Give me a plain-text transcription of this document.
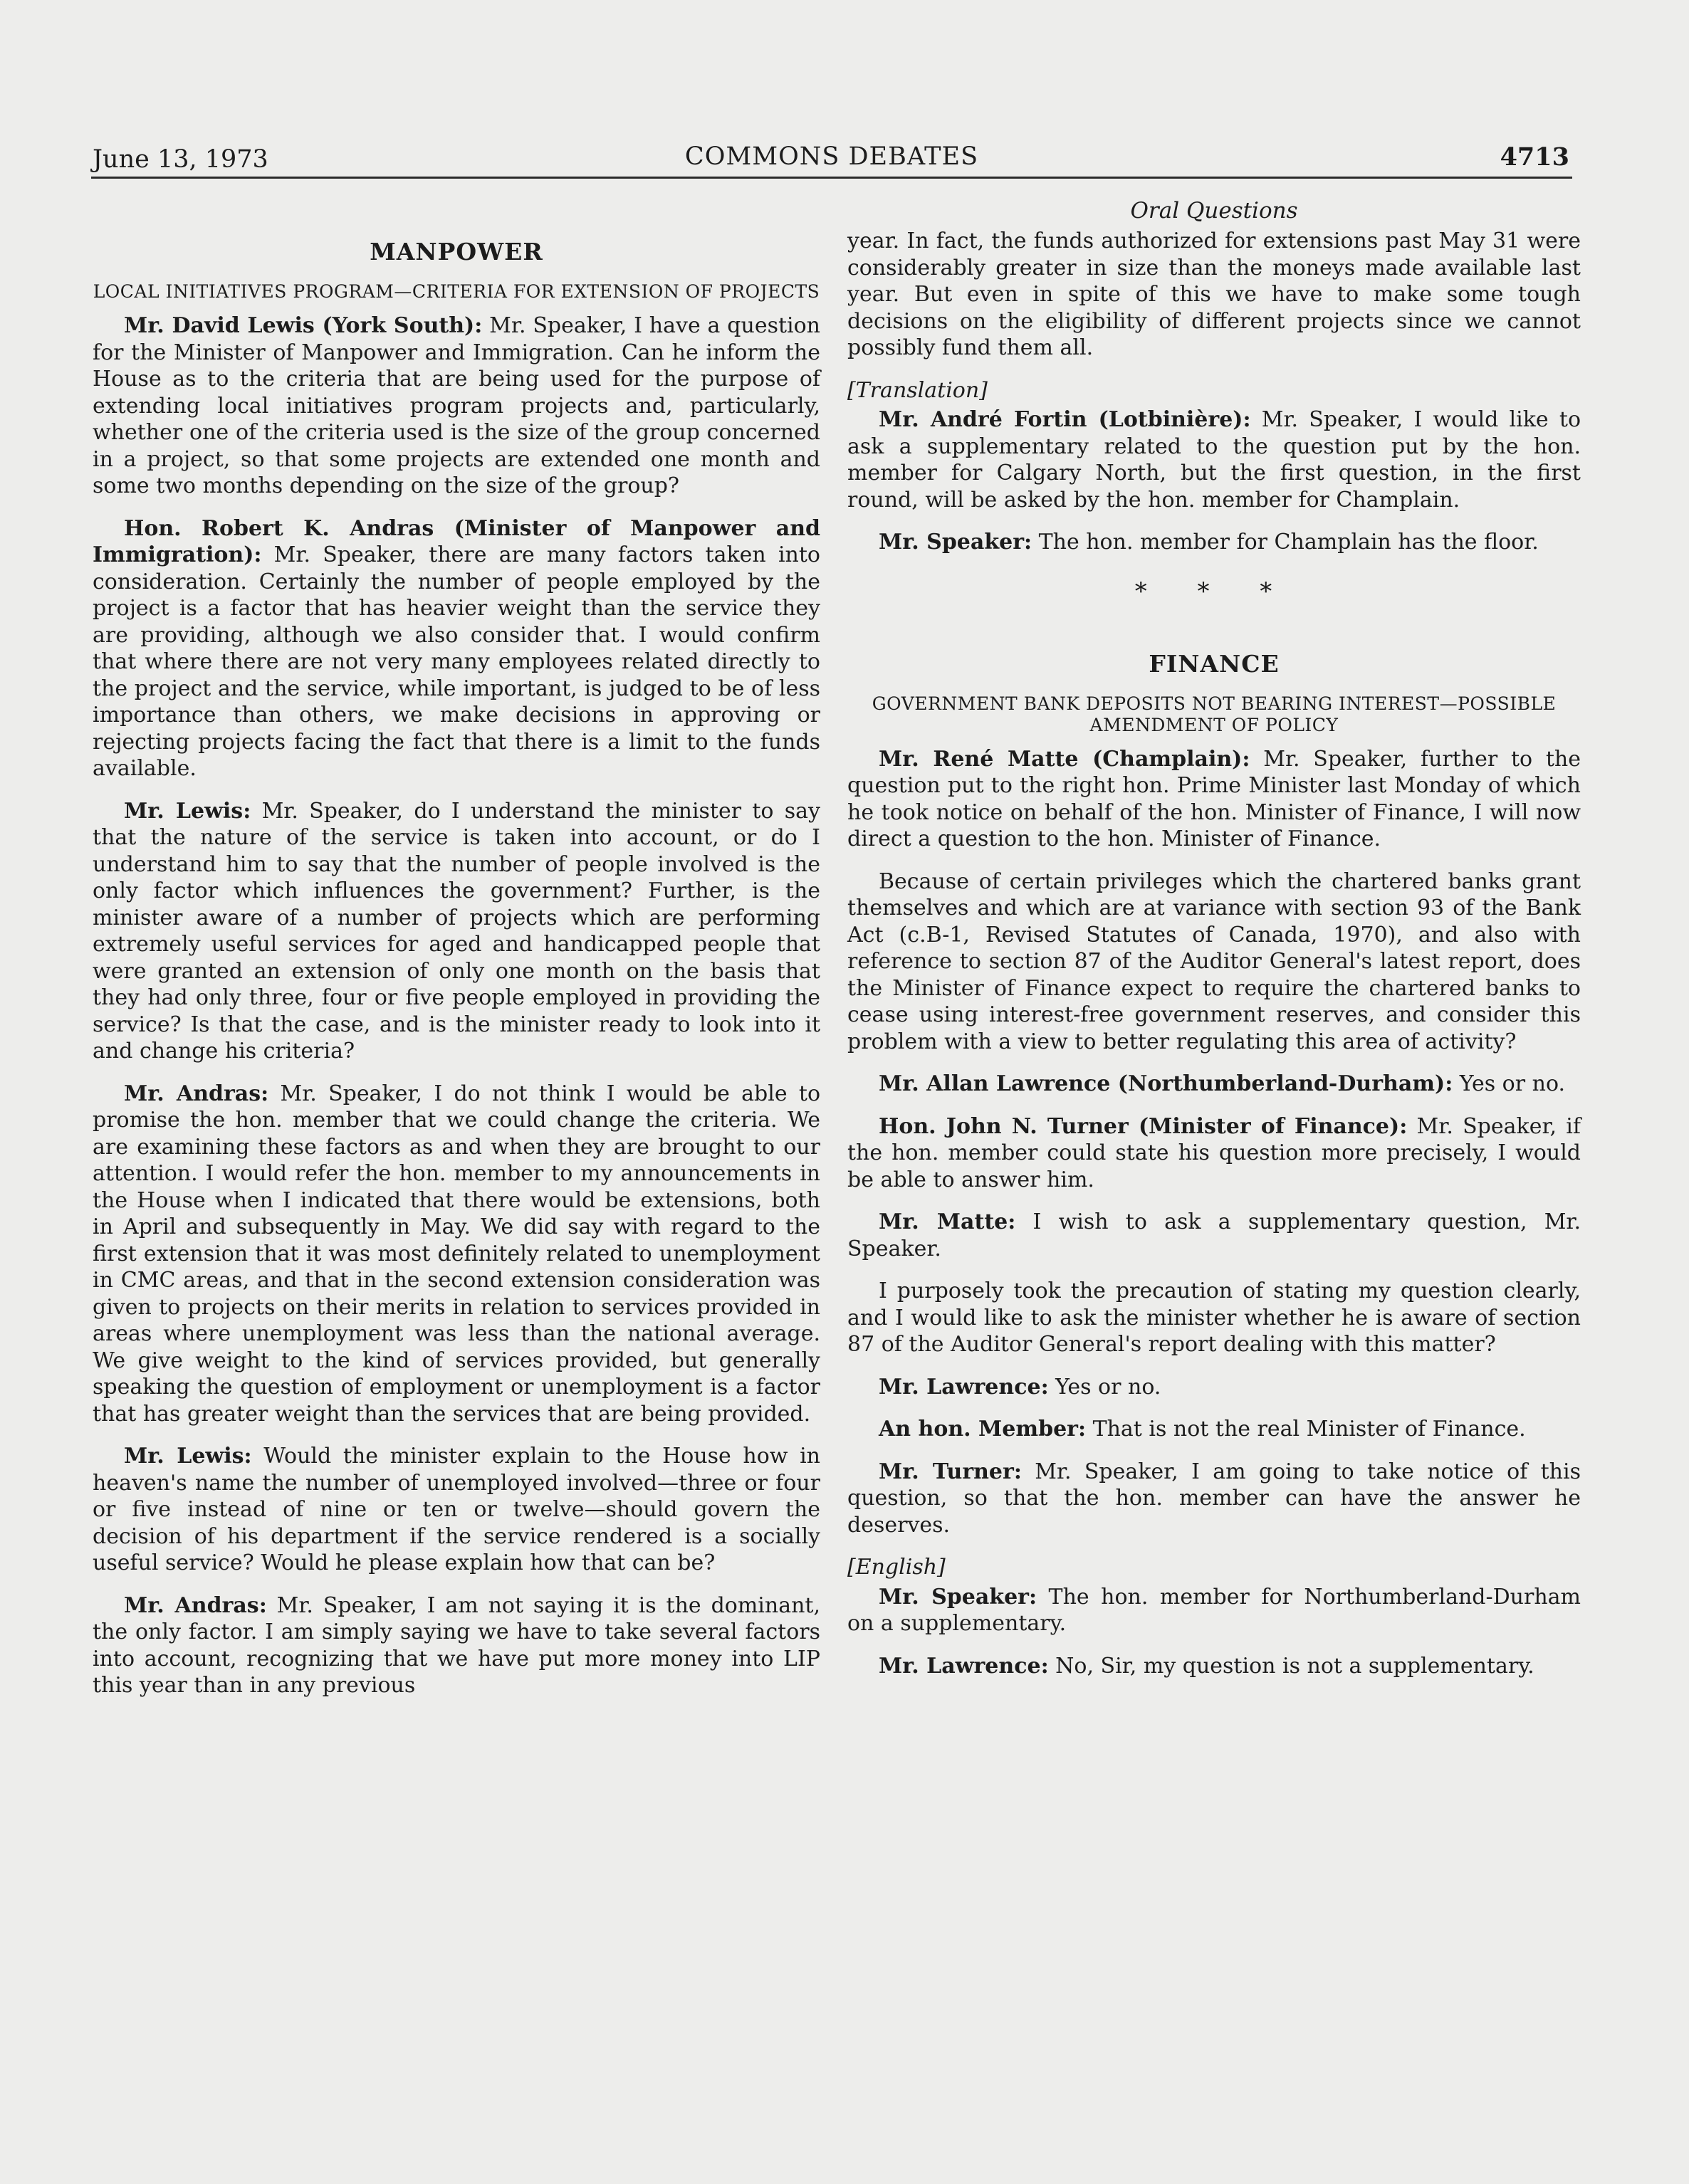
June 13, 1973	COMMONS DEBATES	4713
MANPOWER
LOCAL INITIATIVES PROGRAM—CRITERIA FOR EXTENSION OF PROJECTS

Mr. David Lewis (York South): Mr. Speaker, I have a question for the Minister of Manpower and Immigration. Can he inform the House as to the criteria that are being used for the purpose of extending local initiatives program projects and, particularly, whether one of the criteria used is the size of the group concerned in a project, so that some projects are extended one month and some two months depending on the size of the group?

Hon. Robert K. Andras (Minister of Manpower and Immigration): Mr. Speaker, there are many factors taken into consideration. Certainly the number of people employed by the project is a factor that has heavier weight than the service they are providing, although we also consider that. I would confirm that where there are not very many employees related directly to the project and the service, while important, is judged to be of less importance than others, we make decisions in approving or rejecting projects facing the fact that there is a limit to the funds available.

Mr. Lewis: Mr. Speaker, do I understand the minister to say that the nature of the service is taken into account, or do I understand him to say that the number of people involved is the only factor which influences the government? Further, is the minister aware of a number of projects which are performing extremely useful services for aged and handicapped people that were granted an extension of only one month on the basis that they had only three, four or five people employed in providing the service? Is that the case, and is the minister ready to look into it and change his criteria?

Mr. Andras: Mr. Speaker, I do not think I would be able to promise the hon. member that we could change the criteria. We are examining these factors as and when they are brought to our attention. I would refer the hon. member to my announcements in the House when I indicated that there would be extensions, both in April and subsequently in May. We did say with regard to the first extension that it was most definitely related to unemployment in CMC areas, and that in the second extension consideration was given to projects on their merits in relation to services provided in areas where unemployment was less than the national average. We give weight to the kind of services provided, but generally speaking the question of employment or unemployment is a factor that has greater weight than the services that are being provided.

Mr. Lewis: Would the minister explain to the House how in heaven's name the number of unemployed involved—three or four or five instead of nine or ten or twelve—should govern the decision of his department if the service rendered is a socially useful service? Would he please explain how that can be?

Mr. Andras: Mr. Speaker, I am not saying it is the dominant, the only factor. I am simply saying we have to take several factors into account, recognizing that we have put more money into LIP this year than in any previous

Oral Questions

year. In fact, the funds authorized for extensions past May 31 were considerably greater in size than the moneys made available last year. But even in spite of this we have to make some tough decisions on the eligibility of different projects since we cannot possibly fund them all.

[Translation]

Mr. André Fortin (Lotbinière): Mr. Speaker, I would like to ask a supplementary related to the question put by the hon. member for Calgary North, but the first question, in the first round, will be asked by the hon. member for Champlain.

Mr. Speaker: The hon. member for Champlain has the floor.

* * *
FINANCE
GOVERNMENT BANK DEPOSITS NOT BEARING INTEREST—POSSIBLE AMENDMENT OF POLICY

Mr. René Matte (Champlain): Mr. Speaker, further to the question put to the right hon. Prime Minister last Monday of which he took notice on behalf of the hon. Minister of Finance, I will now direct a question to the hon. Minister of Finance.

Because of certain privileges which the chartered banks grant themselves and which are at variance with section 93 of the Bank Act (c.B-1, Revised Statutes of Canada, 1970), and also with reference to section 87 of the Auditor General's latest report, does the Minister of Finance expect to require the chartered banks to cease using interest-free government reserves, and consider this problem with a view to better regulating this area of activity?

Mr. Allan Lawrence (Northumberland-Durham): Yes or no.

Hon. John N. Turner (Minister of Finance): Mr. Speaker, if the hon. member could state his question more precisely, I would be able to answer him.

Mr. Matte: I wish to ask a supplementary question, Mr. Speaker.

I purposely took the precaution of stating my question clearly, and I would like to ask the minister whether he is aware of section 87 of the Auditor General's report dealing with this matter?

Mr. Lawrence: Yes or no.

An hon. Member: That is not the real Minister of Finance.

Mr. Turner: Mr. Speaker, I am going to take notice of this question, so that the hon. member can have the answer he deserves.

[English]

Mr. Speaker: The hon. member for Northumberland-Durham on a supplementary.

Mr. Lawrence: No, Sir, my question is not a supplementary.
